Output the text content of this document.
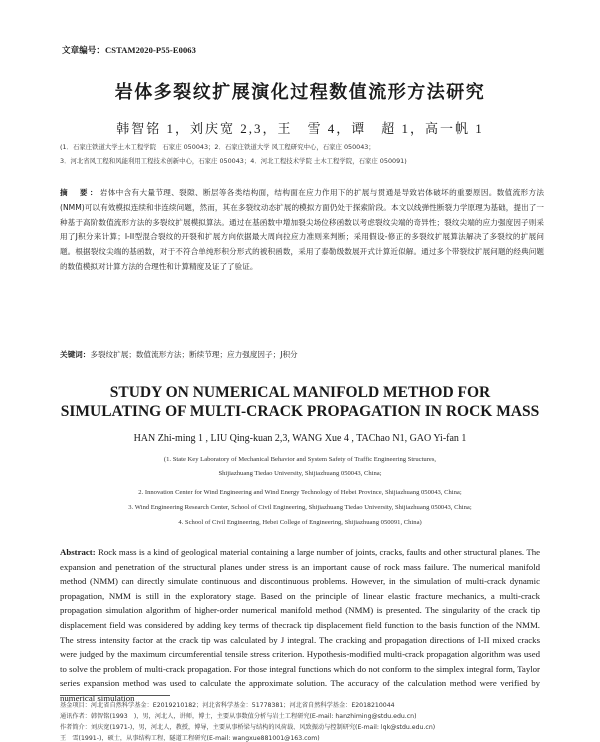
文章编号：CSTAM2020-P55-E0063
岩体多裂纹扩展演化过程数值流形方法研究
韩智铭 1，刘庆宽 2,3，王　雪 4，谭　超 1，高一帆 1
(1．石家庄铁道大学土木工程学院　石家庄 050043；2．石家庄铁道大学 风工程研究中心，石家庄 050043；
3．河北省风工程和风能利用工程技术创新中心，石家庄 050043；4．河北工程技术学院 土木工程学院，石家庄 050091)
摘　要：岩体中含有大量节理、裂隙、断层等各类结构面，结构面在应力作用下的扩展与贯通是导致岩体破坏的重要原因。数值流形方法(NMM)可以有效模拟连续和非连续问题，然而，其在多裂纹动态扩展的模拟方面仍处于探索阶段。本文以线弹性断裂力学原理为基础，提出了一种基于高阶数值流形方法的多裂纹扩展模拟算法。通过在基函数中增加裂尖场位移函数以考虑裂纹尖端的奇异性；裂纹尖端的应力强度因子则采用了J积分来计算；I-II型混合裂纹的开裂和扩展方向依据最大周向拉应力准则来判断；采用假设-修正的多裂纹扩展算法解决了多裂纹的扩展问题。根据裂纹尖端的基函数，对于不符合单纯形积分形式的被积函数，采用了泰勒级数展开式计算近似解。通过多个带裂纹扩展问题的经典问题的数值模拟对计算方法的合理性和计算精度及证了了验证。
关键词：多裂纹扩展；数值流形方法；断续节理；应力强度因子；J积分
STUDY ON NUMERICAL MANIFOLD METHOD FOR
SIMULATING OF MULTI-CRACK PROPAGATION IN ROCK MASS
HAN Zhi-ming 1 , LIU Qing-kuan 2,3, WANG Xue 4 , TAChao N1, GAO Yi-fan 1
(1. State Key Laboratory of Mechanical Behavior and System Safety of Traffic Engineering Structures,
Shijiazhuang Tiedao University, Shijiazhuang 050043, China;
2. Innovation Center for Wind Engineering and Wind Energy Technology of Hebei Province, Shijiazhuang 050043, China;
3. Wind Engineering Research Center, School of Civil Engineering, Shijiazhuang Tiedao University, Shijiazhuang 050043, China;
4. School of Civil Engineering, Hebei College of Engineering, Shijiazhuang 050091, China)
Abstract: Rock mass is a kind of geological material containing a large number of joints, cracks, faults and other structural planes. The expansion and penetration of the structural planes under stress is an important cause of rock mass failure. The numerical manifold method (NMM) can directly simulate continuous and discontinuous problems. However, in the simulation of multi-crack dynamic propagation, NMM is still in the exploratory stage. Based on the principle of linear elastic fracture mechanics, a multi-crack propagation simulation algorithm of higher-order numerical manifold method (NMM) is presented. The singularity of the crack tip displacement field was considered by adding key terms of thecrack tip displacement field function to the basis function of the NMM. The stress intensity factor at the crack tip was calculated by J integral. The cracking and propagation directions of I-II mixed cracks were judged by the maximum circumferential tensile stress criterion. Hypothesis-modified multi-crack propagation algorithm was used to solve the problem of multi-crack propagation. For those integral functions which do not conform to the simplex integral form, Taylor series expansion method was used to calculate the approximate solution. The accuracy of the calculation method were verified by numerical simulation
基金项目：河北省自然科学基金：E2019210182；河北省科学基金：51778381；河北省自然科学基金：E2018210044
通讯作者：韩智铭(1993　)，男，河北人，讲师，博士，主要从事数值分析与岩土工程研究(E-mail: hanzhiming@stdu.edu.cn)
作者简介：刘庆宽(1971-)，男，河北人，教授，博导，主要从事桥梁与结构的风荷载、风致振动与控制研究(E-mail: lqk@stdu.edu.cn)
王　雪(1991-)，硕士，从事结构工程，隧道工程研究(E-mail: wangxue881001@163.com)
